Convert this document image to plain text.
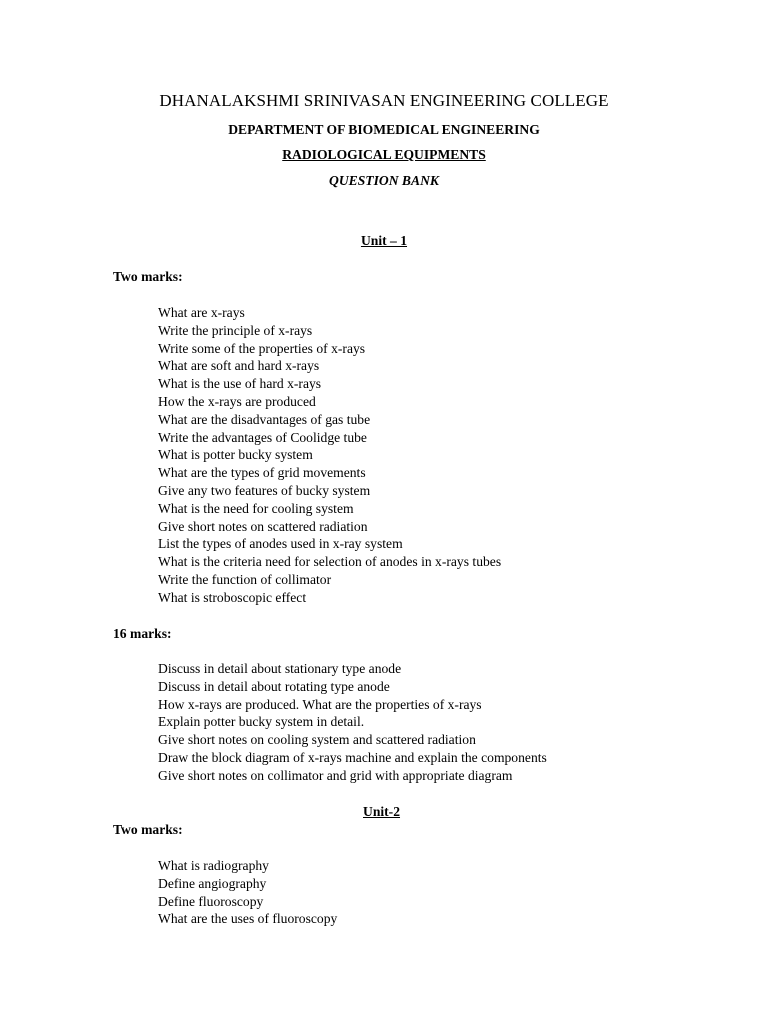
DHANALAKSHMI SRINIVASAN ENGINEERING COLLEGE
DEPARTMENT OF BIOMEDICAL ENGINEERING
RADIOLOGICAL EQUIPMENTS
QUESTION BANK
Unit – 1
Two marks:
What are x-rays
Write the principle of x-rays
Write some of the properties of x-rays
What are soft and hard x-rays
What is the use of hard x-rays
How the x-rays are produced
What are the disadvantages of gas tube
Write the advantages of Coolidge tube
What is potter bucky system
What are the types of grid movements
Give any two features of bucky system
What is the need for cooling system
Give short notes on scattered radiation
List the types of anodes used in x-ray system
What is the criteria need for selection of anodes in x-rays tubes
Write the function of collimator
What is stroboscopic effect
16 marks:
Discuss in detail about stationary type anode
Discuss in detail about rotating type anode
How x-rays are produced. What are the properties of x-rays
Explain potter bucky system in detail.
Give short notes on cooling system and scattered radiation
Draw the block diagram of x-rays machine and explain the components
Give short notes on collimator and grid with appropriate diagram
Unit-2
Two marks:
What is radiography
Define angiography
Define fluoroscopy
What are the uses of fluoroscopy
